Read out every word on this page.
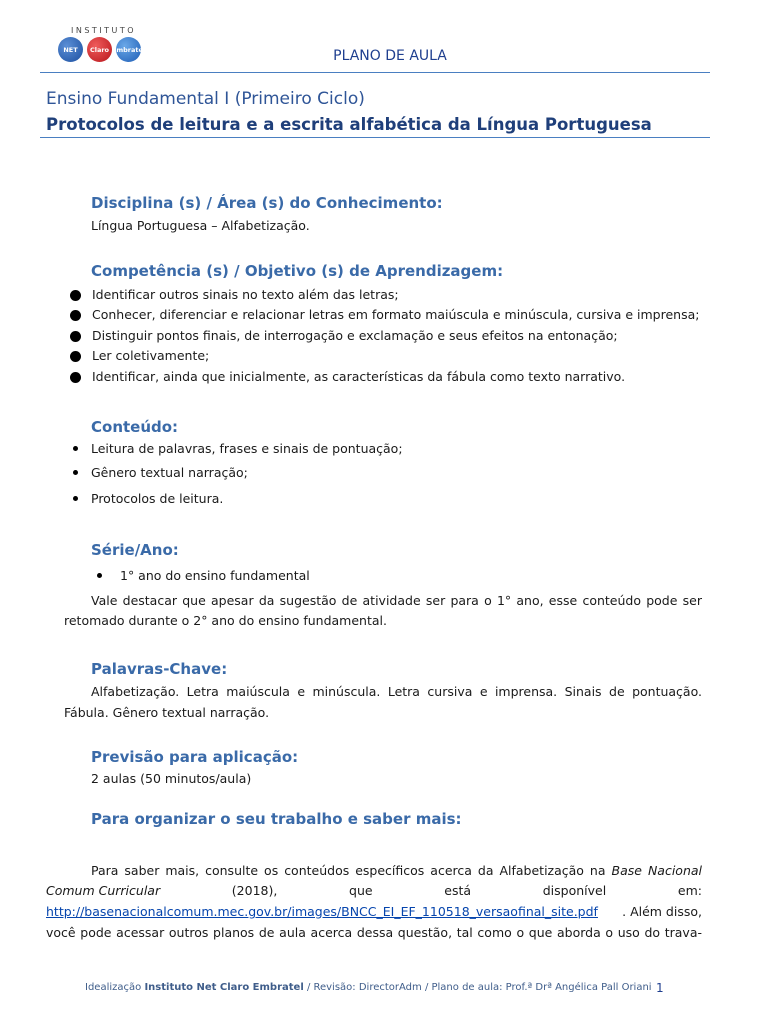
INSTITUTO
NET	Claro Embratel	PLANO DE AULA
Ensino Fundamental I (Primeiro Ciclo)
Protocolos de leitura e a escrita alfabética da Língua Portuguesa
Disciplina (s) / Área (s) do Conhecimento:
Língua Portuguesa – Alfabetização.
Competência (s) / Objetivo (s) de Aprendizagem:
Identificar outros sinais no texto além das letras;
Conhecer, diferenciar e relacionar letras em formato maiúscula e minúscula, cursiva e imprensa;
Distinguir pontos finais, de interrogação e exclamação e seus efeitos na entonação;
Ler coletivamente;
Identificar, ainda que inicialmente, as características da fábula como texto narrativo.
Conteúdo:
Leitura de palavras, frases e sinais de pontuação;
Gênero textual narração;
Protocolos de leitura.
Série/Ano:
1° ano do ensino fundamental
Vale destacar que apesar da sugestão de atividade ser para o 1° ano, esse conteúdo pode ser
retomado durante o 2° ano do ensino fundamental.
Palavras-Chave:
Alfabetização. Letra maiúscula e minúscula. Letra cursiva e imprensa. Sinais de pontuação.
Fábula. Gênero textual narração.
Previsão para aplicação:
2 aulas (50 minutos/aula)
Para organizar o seu trabalho e saber mais:
Para saber mais, consulte os conteúdos específicos acerca da Alfabetização na Base Nacional
Comum Curricular	(2018),	que	está	disponível	em:
http://basenacionalcomum.mec.gov.br/images/BNCC_EI_EF_110518_versaofinal_site.pdf . Além disso,
você pode acessar outros planos de aula acerca dessa questão, tal como o que aborda o uso do trava-
Idealização Instituto Net Claro Embratel / Revisão: DirectorAdm / Plano de aula: Prof.ª Drª Angélica Pall Oriani 1
